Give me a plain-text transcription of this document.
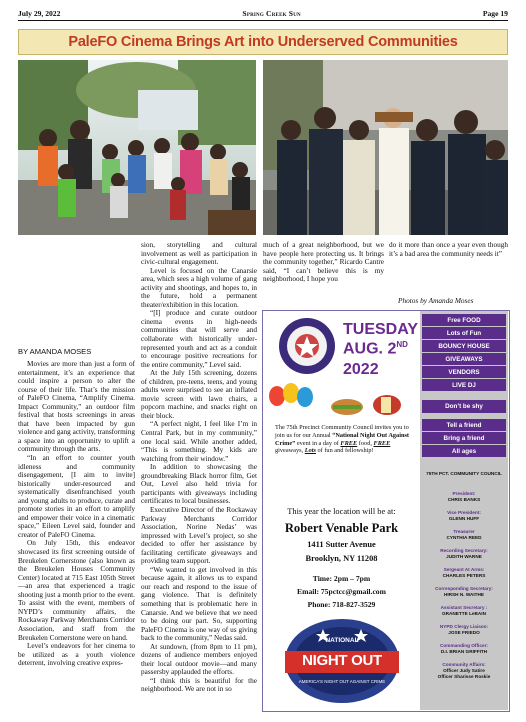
July 29, 2022	Spring Creek Sun	Page 19
PaleFO Cinema Brings Art into Underserved Communities
BY AMANDA MOSES

Movies are more than just a form of entertainment, it’s an experience that could inspire a person to alter the course of their life. That’s the mission of PaleFO Cinema, “Amplify Cinema. Impact Community,” an outdoor film festival that hosts screenings in areas that have been impacted by gun violence and gang activity, transforming a space into an opportunity to uplift a community through the arts.

“In an effort to counter youth idleness and community disengagement, [I aim to invite] historically under-resourced and systematically disenfranchised youth and young adults to produce, curate and promote stories in an effort to amplify and empower their voice in a cinematic space,” Eileen Level said, founder and creator of PaleFO Cinema.

On July 15th, this endeavor showcased its first screening outside of Breukelen Cornerstone (also known as the Breukelen Houses Community Center) located at 715 East 105th Street—an area that experienced a tragic shooting just a month prior to the event. To assist with the event, members of NYPD’s community affairs, the Rockaway Parkway Merchants Corridor Association, and staff from the Breukelen Cornerstone were on hand.

Level’s endeavors for her cinema to be utilized as a youth violence deterrent, involving creative expres-

sion, storytelling and cultural involvement as well as participation in civic-cultural engagement.

Level is focused on the Canarsie area, which sees a high volume of gang activity and shootings, and hopes to, in the future, hold a permanent theater/exhibition in this location.

“[I] produce and curate outdoor cinema events in high-needs communities that will serve and collaborate with historically under-represented youth and act as a conduit to encourage positive recreations for the entire community,” Level said.

At the July 15th screening, dozens of children, pre-teens, teens, and young adults were surprised to see an inflated movie screen with lawn chairs, a popcorn machine, and snacks right on their block.

“A perfect night, I feel like I’m in Central Park, but in my community,” one local said. While another added, “This is something. My kids are watching from their window.”

In addition to showcasing the groundbreaking Black horror film, Get Out, Level also held trivia for participants with giveaways including certificates to local businesses.

Executive Director of the Rockaway Parkway Merchants Corridor Association, Norine Nedas’ was impressed with Level’s project, so she decided to offer her assistance by facilitating certificate giveaways and providing team support.

“We wanted to get involved in this because again, it allows us to expand our reach and respond to the issue of gang violence. That is definitely something that is problematic here in Canarsie. And we believe that we need to be doing our part. So, supporting PaleFO Cinema is one way of us giving back to the community,” Nedas said.

At sundown, (from 8pm to 11 pm), dozens of audience members enjoyed their local outdoor movie—and many passersby applauded the efforts.

“I think this is beautiful for the neighborhood. We are not in so

much of a great neighborhood, but we have people here protecting us. It brings the community together,” Ricardo Cantre said, “I can’t believe this is my neighborhood, I hope you

do it more than once a year even though it’s a bad area the community needs it”

Photos by Amanda Moses
TUESDAY
AUG. 2ND
2022
The 75th Precinct Community Council invites you to join us for our Annual “National Night Out Against Crime” event in a day of FREE food, FREE giveaways, Lots of fun and fellowship!
This year the location will be at:
Robert Venable Park
1411 Sutter Avenue
Brooklyn, NY 11208
Time: 2pm – 7pm
Email: 75pctcc@gmail.com
Phone: 718-827-3529
NATIONAL
NIGHT OUT
AMERICA’S NIGHT OUT AGAINST CRIME
Free FOOD
Lots of Fun
BOUNCY HOUSE
GIVEAWAYS
VENDORS
LIVE DJ
Don’t be shy
Tell a friend
Bring a friend
All ages
75TH PCT. COMMUNITY COUNCIL
President:
CHRIS BANKS
Vice President:
GLENN HUFF
Treasurer
CYNTHIA REED
Recording Secretary:
JUDITH WARNE
Sergeant At Arms:
CHARLES PETERS
Corresponding Secretary:
HIRSH N. WAITHE
Assistant Secretary :
GRANETTE LeBAIN
NYPD Clergy Liaison:
JOSE FRIEDO
Commanding Officer:
D.I. BRIAN GRIFFITH
Community Affairs:
Officer Judy Satire
Officer Sharisse Roskie
